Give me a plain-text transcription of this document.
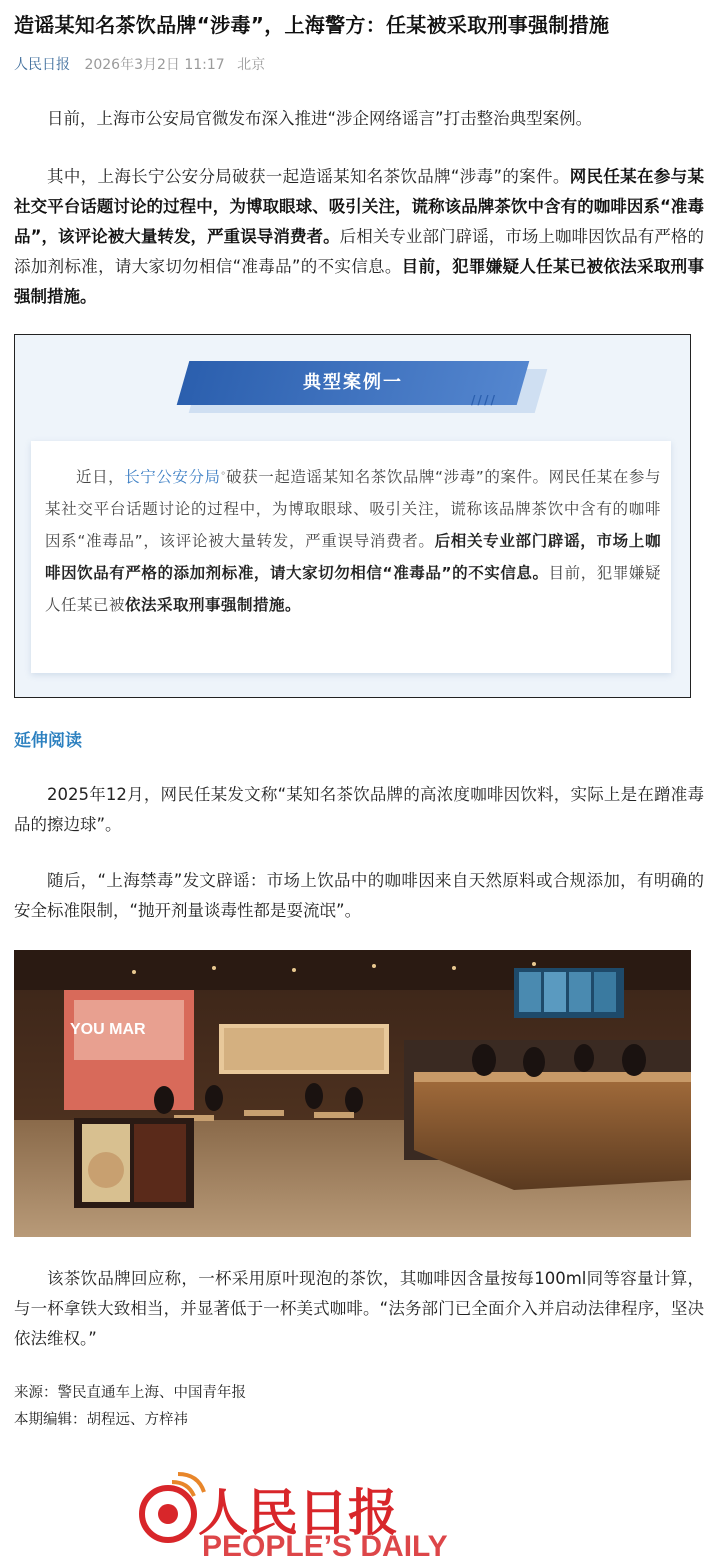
造谣某知名茶饮品牌“涉毒”，上海警方：任某被采取刑事强制措施
人民日报 2026年3月2日 11:17 北京
日前，上海市公安局官微发布深入推进“涉企网络谣言”打击整治典型案例。
其中，上海长宁公安分局破获一起造谣某知名茶饮品牌“涉毒”的案件。网民任某在参与某社交平台话题讨论的过程中，为博取眼球、吸引关注，谎称该品牌茶饮中含有的咖啡因系“准毒品”，该评论被大量转发，严重误导消费者。后相关专业部门辟谣，市场上咖啡因饮品有严格的添加剂标准，请大家切勿相信“准毒品”的不实信息。目前，犯罪嫌疑人任某已被依法采取刑事强制措施。
典型案例一
/ / / /
近日，长宁公安分局°破获一起造谣某知名茶饮品牌“涉毒”的案件。网民任某在参与某社交平台话题讨论的过程中，为博取眼球、吸引关注，谎称该品牌茶饮中含有的咖啡因系“准毒品”，该评论被大量转发，严重误导消费者。后相关专业部门辟谣，市场上咖啡因饮品有严格的添加剂标准，请大家切勿相信“准毒品”的不实信息。目前，犯罪嫌疑人任某已被依法采取刑事强制措施。
延伸阅读
2025年12月，网民任某发文称“某知名茶饮品牌的高浓度咖啡因饮料，实际上是在蹭准毒品的擦边球”。
随后，“上海禁毒”发文辟谣：市场上饮品中的咖啡因来自天然原料或合规添加，有明确的安全标准限制，“抛开剂量谈毒性都是耍流氓”。
YOU MAR
该茶饮品牌回应称，一杯采用原叶现泡的茶饮，其咖啡因含量按每100ml同等容量计算，与一杯拿铁大致相当，并显著低于一杯美式咖啡。“法务部门已全面介入并启动法律程序，坚决依法维权。”
来源：警民直通车上海、中国青年报
本期编辑：胡程远、方梓祎
人民日报
PEOPLE’S DAILY
